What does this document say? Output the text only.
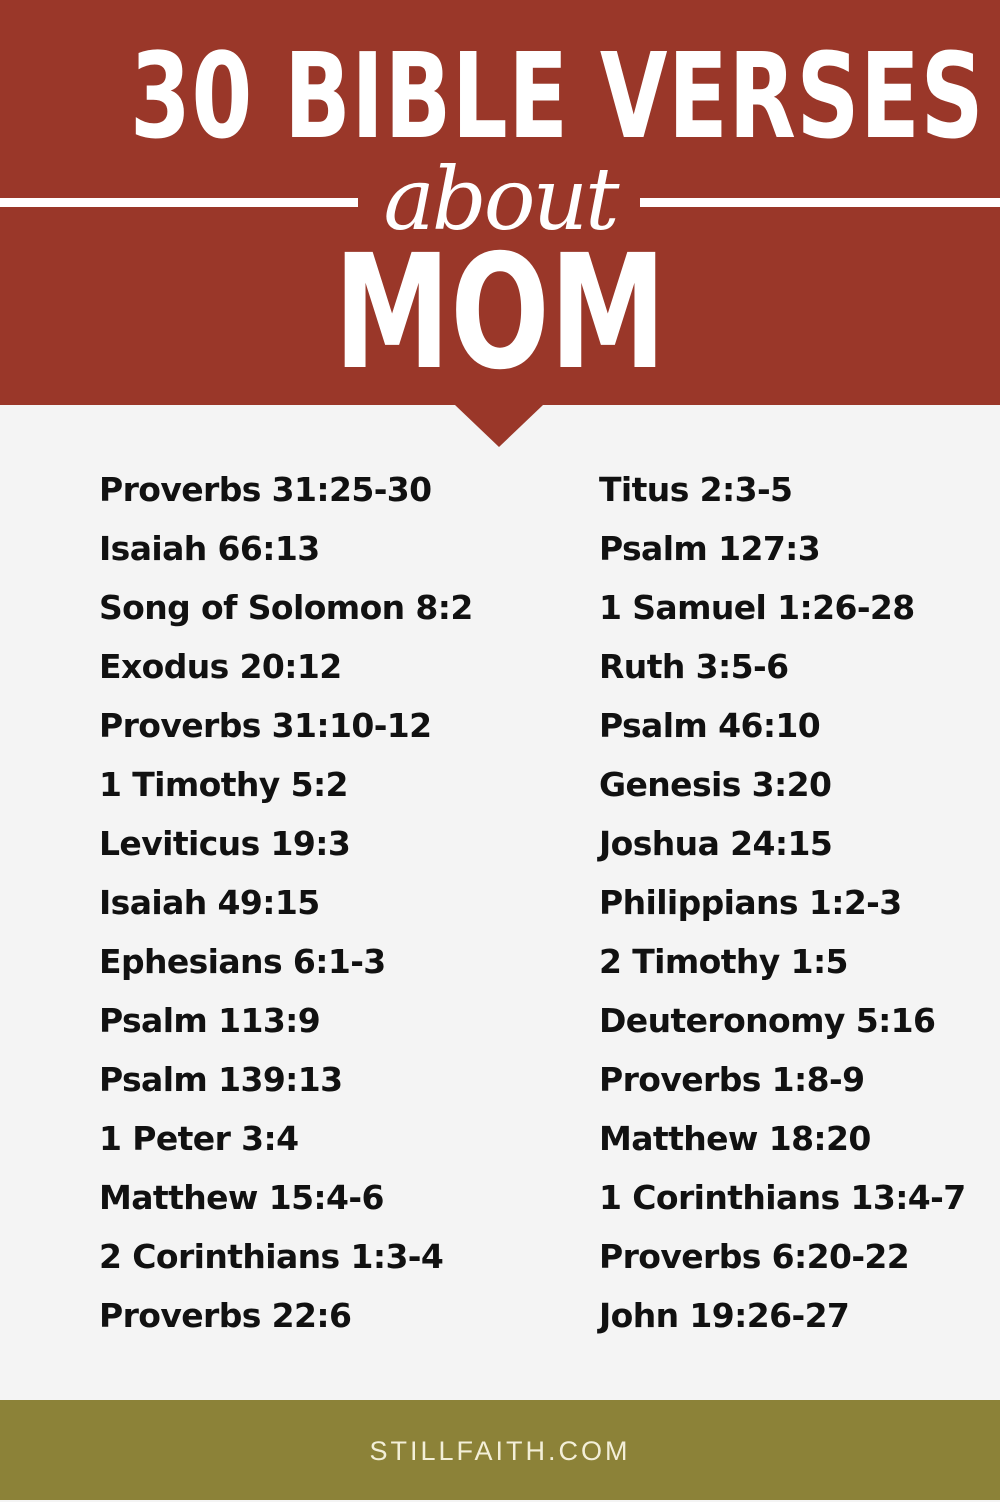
30 BIBLE VERSES
about
MOM
Proverbs 31:25-30
Isaiah 66:13
Song of Solomon 8:2
Exodus 20:12
Proverbs 31:10-12
1 Timothy 5:2
Leviticus 19:3
Isaiah 49:15
Ephesians 6:1-3
Psalm 113:9
Psalm 139:13
1 Peter 3:4
Matthew 15:4-6
2 Corinthians 1:3-4
Proverbs 22:6
Titus 2:3-5
Psalm 127:3
1 Samuel 1:26-28
Ruth 3:5-6
Psalm 46:10
Genesis 3:20
Joshua 24:15
Philippians 1:2-3
2 Timothy 1:5
Deuteronomy 5:16
Proverbs 1:8-9
Matthew 18:20
1 Corinthians 13:4-7
Proverbs 6:20-22
John 19:26-27
STILLFAITH.COM
